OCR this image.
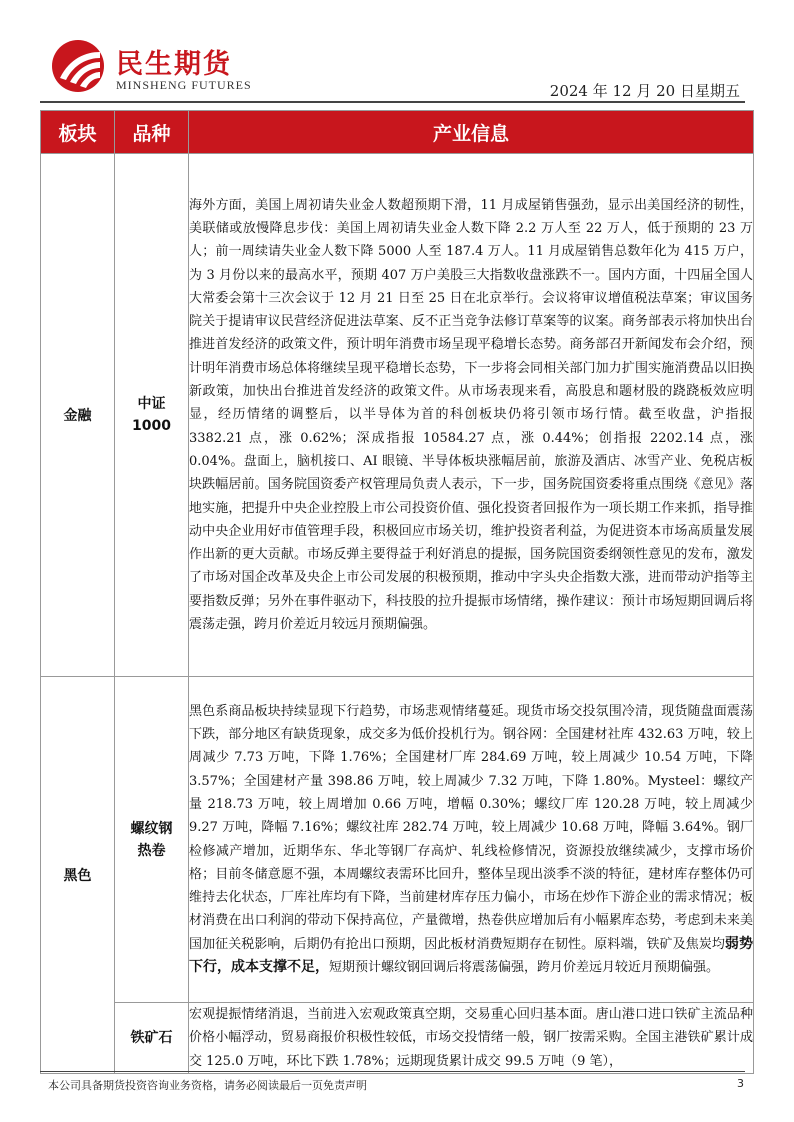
民生期货
MINSHENG FUTURES	2024 年 12 月 20 日星期五
板块	品种	产业信息
金融	中证 1000	海外方面，美国上周初请失业金人数超预期下滑，11 月成屋销售强劲，显示出美国经济的韧性，美联储或放慢降息步伐：美国上周初请失业金人数下降 2.2 万人至 22 万人，低于预期的 23 万人；前一周续请失业金人数下降 5000 人至 187.4 万人。11 月成屋销售总数年化为 415 万户，为 3 月份以来的最高水平，预期 407 万户美股三大指数收盘涨跌不一。国内方面，十四届全国人大常委会第十三次会议于 12 月 21 日至 25 日在北京举行。会议将审议增值税法草案；审议国务院关于提请审议民营经济促进法草案、反不正当竞争法修订草案等的议案。商务部表示将加快出台推进首发经济的政策文件，预计明年消费市场呈现平稳增长态势。商务部召开新闻发布会介绍，预计明年消费市场总体将继续呈现平稳增长态势，下一步将会同相关部门加力扩围实施消费品以旧换新政策，加快出台推进首发经济的政策文件。从市场表现来看，高股息和题材股的跷跷板效应明显，经历情绪的调整后，以半导体为首的科创板块仍将引领市场行情。截至收盘，沪指报 3382.21 点，涨 0.62%；深成指报 10584.27 点，涨 0.44%；创指报 2202.14 点，涨 0.04%。盘面上，脑机接口、AI 眼镜、半导体板块涨幅居前，旅游及酒店、冰雪产业、免税店板块跌幅居前。国务院国资委产权管理局负责人表示，下一步，国务院国资委将重点围绕《意见》落地实施，把提升中央企业控股上市公司投资价值、强化投资者回报作为一项长期工作来抓，指导推动中央企业用好市值管理手段，积极回应市场关切，维护投资者利益，为促进资本市场高质量发展作出新的更大贡献。市场反弹主要得益于利好消息的提振，国务院国资委纲领性意见的发布，激发了市场对国企改革及央企上市公司发展的积极预期，推动中字头央企指数大涨，进而带动沪指等主要指数反弹；另外在事件驱动下，科技股的拉升提振市场情绪，操作建议：预计市场短期回调后将震荡走强，跨月价差近月较远月预期偏强。
黑色	螺纹钢 热卷	黑色系商品板块持续显现下行趋势，市场悲观情绪蔓延。现货市场交投氛围冷清，现货随盘面震荡下跌，部分地区有缺货现象，成交多为低价投机行为。钢谷网：全国建材社库 432.63 万吨，较上周减少 7.73 万吨，下降 1.76%；全国建材厂库 284.69 万吨，较上周减少 10.54 万吨，下降 3.57%；全国建材产量 398.86 万吨，较上周减少 7.32 万吨，下降 1.80%。Mysteel：螺纹产量 218.73 万吨，较上周增加 0.66 万吨，增幅 0.30%；螺纹厂库 120.28 万吨，较上周减少 9.27 万吨，降幅 7.16%；螺纹社库 282.74 万吨，较上周减少 10.68 万吨，降幅 3.64%。钢厂检修减产增加，近期华东、华北等钢厂存高炉、轧线检修情况，资源投放继续减少，支撑市场价格；目前冬储意愿不强，本周螺纹表需环比回升，整体呈现出淡季不淡的特征，建材库存整体仍可维持去化状态，厂库社库均有下降，当前建材库存压力偏小，市场在炒作下游企业的需求情况；板材消费在出口利润的带动下保持高位，产量微增，热卷供应增加后有小幅累库态势，考虑到未来美国加征关税影响，后期仍有抢出口预期，因此板材消费短期存在韧性。原料端，铁矿及焦炭均弱势下行，成本支撑不足，短期预计螺纹钢回调后将震荡偏强，跨月价差远月较近月预期偏强。
	铁矿石	宏观提振情绪消退，当前进入宏观政策真空期，交易重心回归基本面。唐山港口进口铁矿主流品种价格小幅浮动，贸易商报价积极性较低，市场交投情绪一般，钢厂按需采购。全国主港铁矿累计成交 125.0 万吨，环比下跌 1.78%；远期现货累计成交 99.5 万吨（9 笔），
本公司具备期货投资咨询业务资格，请务必阅读最后一页免责声明	3
